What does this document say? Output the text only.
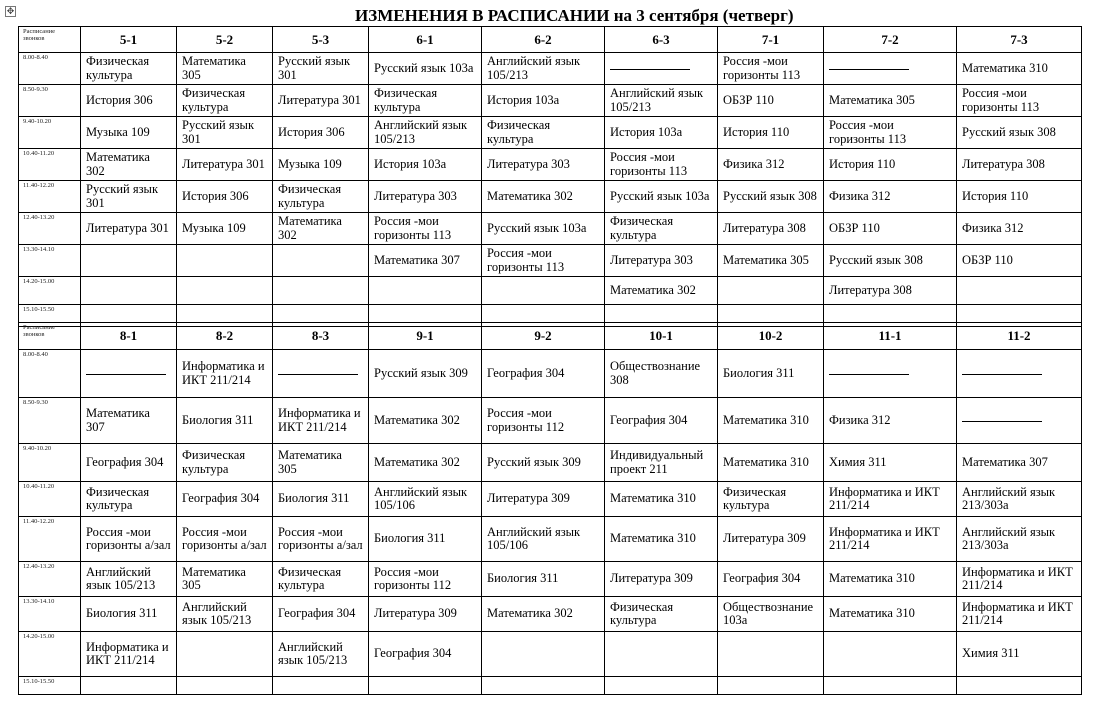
✥	ИЗМЕНЕНИЯ В РАСПИСАНИИ на 3 сентября (четверг)
Расписание звонков	5-1	5-2	5-3	6-1	6-2	6-3	7-1	7-2	7-3
8.00-8.40	Физическая культура	Математика 305	Русский язык 301	Русский язык 103а	Английский язык 105/213		Россия -мои горизонты 113		Математика 310
8.50-9.30	История 306	Физическая культура	Литература 301	Физическая культура	История 103а	Английский язык 105/213	ОБЗР 110	Математика 305	Россия -мои горизонты 113
9.40-10.20	Музыка 109	Русский язык 301	История 306	Английский язык 105/213	Физическая культура	История 103а	История 110	Россия -мои горизонты 113	Русский язык 308
10.40-11.20	Математика 302	Литература 301	Музыка 109	История 103а	Литература 303	Россия -мои горизонты 113	Физика 312	История 110	Литература 308
11.40-12.20	Русский язык 301	История 306	Физическая культура	Литература 303	Математика 302	Русский язык 103а	Русский язык 308	Физика 312	История 110
12.40-13.20	Литература 301	Музыка 109	Математика 302	Россия -мои горизонты 113	Русский язык 103а	Физическая культура	Литература 308	ОБЗР 110	Физика 312
13.30-14.10				Математика 307	Россия -мои горизонты 113	Литература 303	Математика 305	Русский язык 308	ОБЗР 110
14.20-15.00						Математика 302		Литература 308	
15.10-15.50									
Расписание звонков	8-1	8-2	8-3	9-1	9-2	10-1	10-2	11-1	11-2
8.00-8.40		Информатика и ИКТ 211/214		Русский язык 309	География 304	Обществознание 308	Биология 311		
8.50-9.30	Математика 307	Биология 311	Информатика и ИКТ 211/214	Математика 302	Россия -мои горизонты 112	География 304	Математика 310	Физика 312	
9.40-10.20	География 304	Физическая культура	Математика 305	Математика 302	Русский язык 309	Индивидуальный проект 211	Математика 310	Химия 311	Математика 307
10.40-11.20	Физическая культура	География 304	Биология 311	Английский язык 105/106	Литература 309	Математика 310	Физическая культура	Информатика и ИКТ 211/214	Английский язык 213/303а
11.40-12.20	Россия -мои горизонты а/зал	Россия -мои горизонты а/зал	Россия -мои горизонты а/зал	Биология 311	Английский язык 105/106	Математика 310	Литература 309	Информатика и ИКТ 211/214	Английский язык 213/303а
12.40-13.20	Английский язык 105/213	Математика 305	Физическая культура	Россия -мои горизонты 112	Биология 311	Литература 309	География 304	Математика 310	Информатика и ИКТ 211/214
13.30-14.10	Биология 311	Английский язык 105/213	География 304	Литература 309	Математика 302	Физическая культура	Обществознание 103а	Математика 310	Информатика и ИКТ 211/214
14.20-15.00	Информатика и ИКТ 211/214		Английский язык 105/213	География 304					Химия 311
15.10-15.50									
